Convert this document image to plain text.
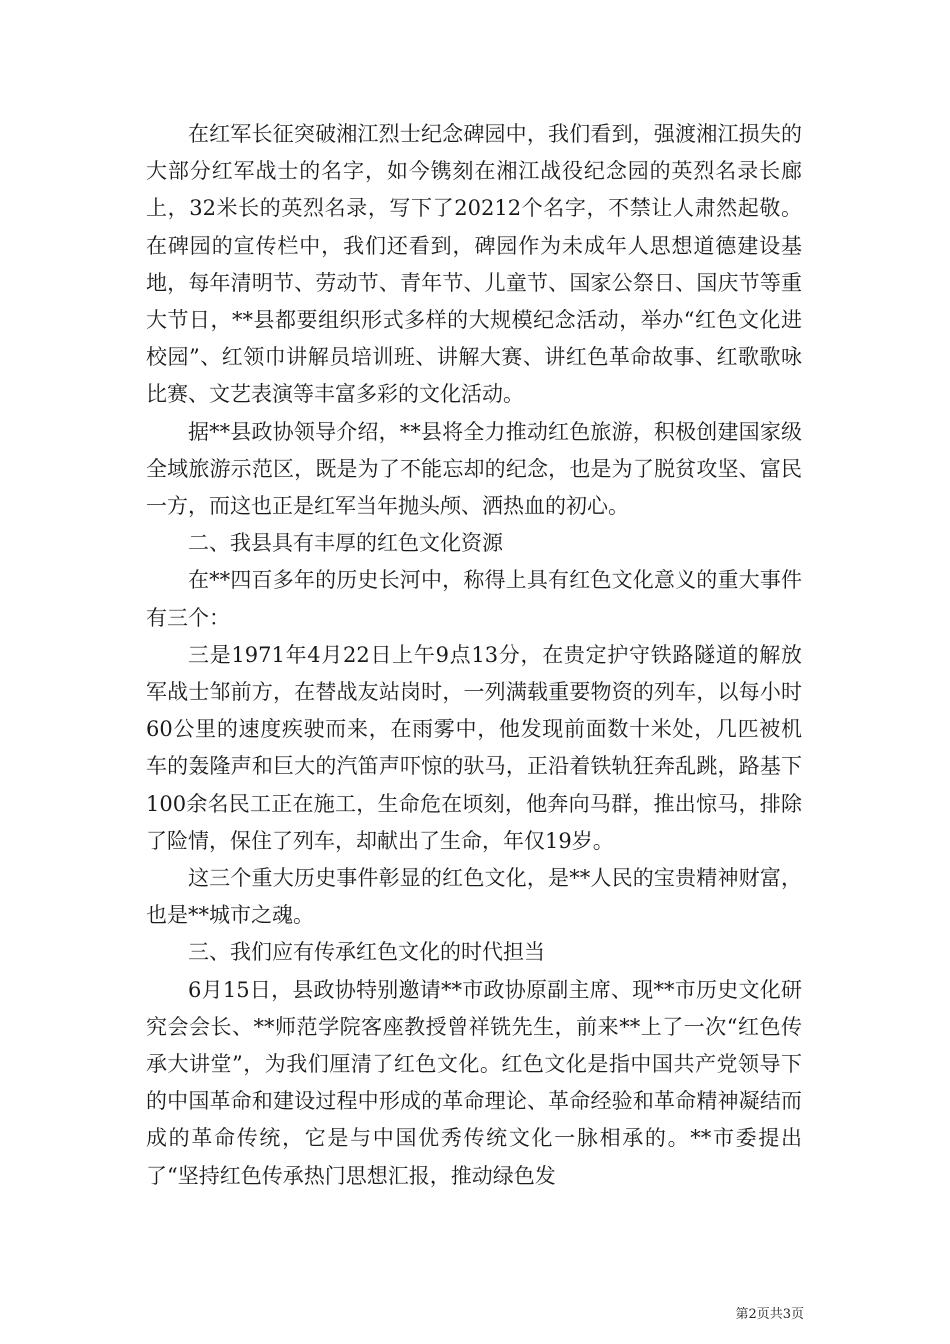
在红军长征突破湘江烈士纪念碑园中，我们看到，强渡湘江损失的大部分红军战士的名字，如今镌刻在湘江战役纪念园的英烈名录长廊上，32米长的英烈名录，写下了20212个名字，不禁让人肃然起敬。在碑园的宣传栏中，我们还看到，碑园作为未成年人思想道德建设基地，每年清明节、劳动节、青年节、儿童节、国家公祭日、国庆节等重大节日，**县都要组织形式多样的大规模纪念活动，举办“红色文化进校园”、红领巾讲解员培训班、讲解大赛、讲红色革命故事、红歌歌咏比赛、文艺表演等丰富多彩的文化活动。

据**县政协领导介绍，**县将全力推动红色旅游，积极创建国家级全域旅游示范区，既是为了不能忘却的纪念，也是为了脱贫攻坚、富民一方，而这也正是红军当年抛头颅、洒热血的初心。

二、我县具有丰厚的红色文化资源

在**四百多年的历史长河中，称得上具有红色文化意义的重大事件有三个：

三是1971年4月22日上午9点13分，在贵定护守铁路隧道的解放军战士邹前方，在替战友站岗时，一列满载重要物资的列车，以每小时60公里的速度疾驶而来，在雨雾中，他发现前面数十米处，几匹被机车的轰隆声和巨大的汽笛声吓惊的驮马，正沿着铁轨狂奔乱跳，路基下100余名民工正在施工，生命危在顷刻，他奔向马群，推出惊马，排除了险情，保住了列车，却献出了生命，年仅19岁。

这三个重大历史事件彰显的红色文化，是**人民的宝贵精神财富，也是**城市之魂。

三、我们应有传承红色文化的时代担当

6月15日，县政协特别邀请**市政协原副主席、现**市历史文化研究会会长、**师范学院客座教授曾祥铣先生，前来**上了一次“红色传承大讲堂”，为我们厘清了红色文化。红色文化是指中国共产党领导下的中国革命和建设过程中形成的革命理论、革命经验和革命精神凝结而成的革命传统，它是与中国优秀传统文化一脉相承的。**市委提出了“坚持红色传承热门思想汇报，推动绿色发

第2页共3页
